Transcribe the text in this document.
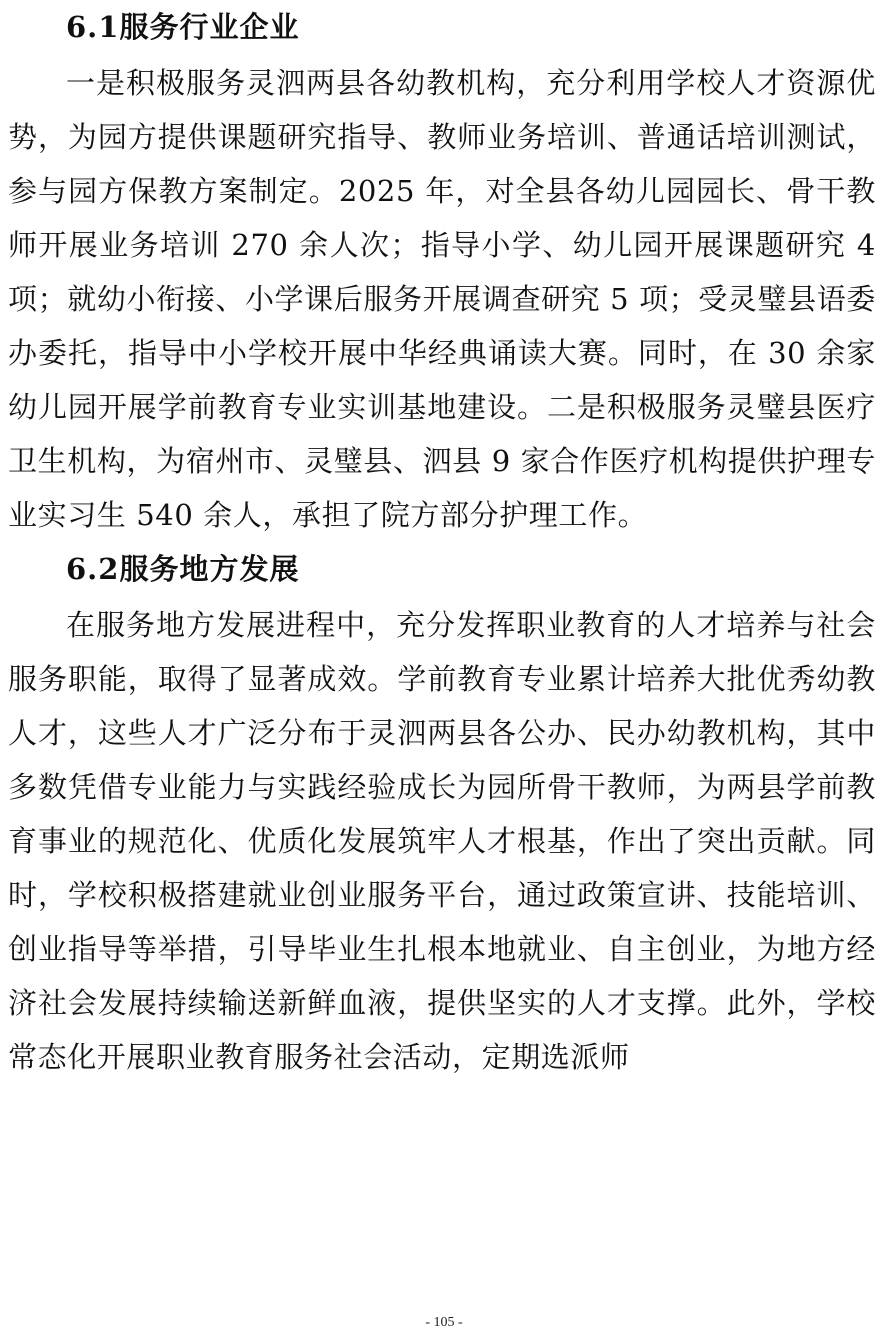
6.1服务行业企业

一是积极服务灵泗两县各幼教机构，充分利用学校人才资源优势，为园方提供课题研究指导、教师业务培训、普通话培训测试，参与园方保教方案制定。2025 年，对全县各幼儿园园长、骨干教师开展业务培训 270 余人次；指导小学、幼儿园开展课题研究 4 项；就幼小衔接、小学课后服务开展调查研究 5 项；受灵璧县语委办委托，指导中小学校开展中华经典诵读大赛。同时，在 30 余家幼儿园开展学前教育专业实训基地建设。二是积极服务灵璧县医疗卫生机构，为宿州市、灵璧县、泗县 9 家合作医疗机构提供护理专业实习生 540 余人，承担了院方部分护理工作。

6.2服务地方发展

在服务地方发展进程中，充分发挥职业教育的人才培养与社会服务职能，取得了显著成效。学前教育专业累计培养大批优秀幼教人才，这些人才广泛分布于灵泗两县各公办、民办幼教机构，其中多数凭借专业能力与实践经验成长为园所骨干教师，为两县学前教育事业的规范化、优质化发展筑牢人才根基，作出了突出贡献。同时，学校积极搭建就业创业服务平台，通过政策宣讲、技能培训、创业指导等举措，引导毕业生扎根本地就业、自主创业，为地方经济社会发展持续输送新鲜血液，提供坚实的人才支撑。此外，学校常态化开展职业教育服务社会活动，定期选派师

- 105 -
